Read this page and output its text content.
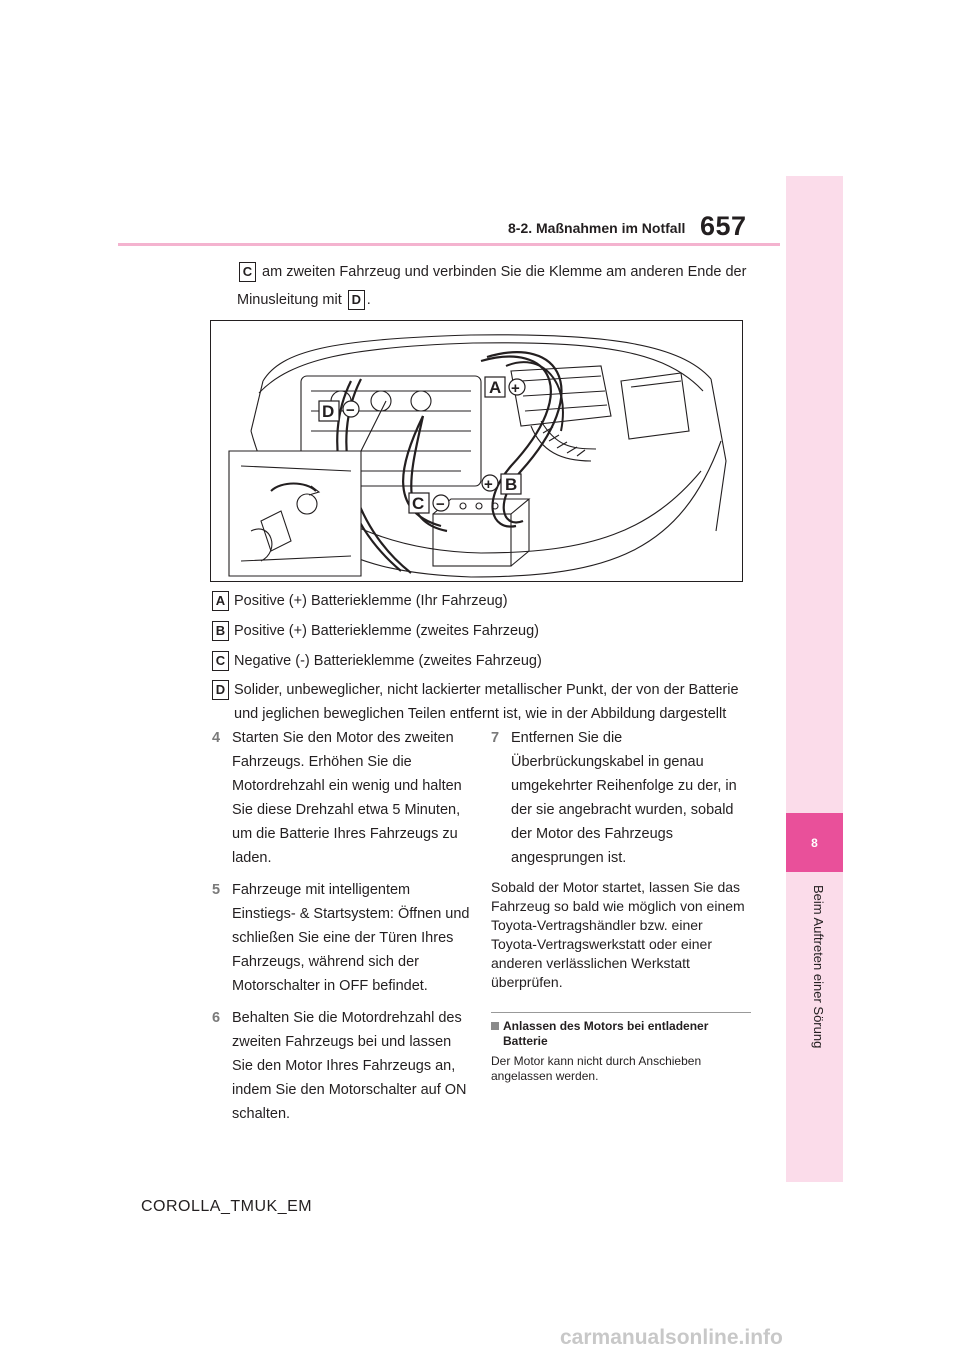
657
8-2. Maßnahmen im Notfall
8
Beim Auftreten einer Sörung
C am zweiten Fahrzeug und verbinden Sie die Klemme am anderen Ende der
Minusleitung mit D .
A +
D −
B
+
C −
A Positive (+) Batterieklemme (Ihr Fahrzeug)
B Positive (+) Batterieklemme (zweites Fahrzeug)
C Negative (-) Batterieklemme (zweites Fahrzeug)
D Solider, unbeweglicher, nicht lackierter metallischer Punkt, der von der Batterie und jeglichen beweglichen Teilen entfernt ist, wie in der Abbildung dargestellt
4 Starten Sie den Motor des zweiten Fahrzeugs. Erhöhen Sie die Motordrehzahl ein wenig und halten Sie diese Drehzahl etwa 5 Minuten, um die Batterie Ihres Fahrzeugs zu laden.
5 Fahrzeuge mit intelligentem Einstiegs- & Startsystem: Öffnen und schließen Sie eine der Türen Ihres Fahrzeugs, während sich der Motorschalter in OFF befindet.
6 Behalten Sie die Motordrehzahl des zweiten Fahrzeugs bei und lassen Sie den Motor Ihres Fahrzeugs an, indem Sie den Motorschalter auf ON schalten.
7 Entfernen Sie die Überbrückungskabel in genau umgekehrter Reihenfolge zu der, in der sie angebracht wurden, sobald der Motor des Fahrzeugs angesprungen ist.
Sobald der Motor startet, lassen Sie das Fahrzeug so bald wie möglich von einem Toyota-Vertragshändler bzw. einer Toyota-Vertragswerkstatt oder einer anderen verlässlichen Werkstatt überprüfen.
Anlassen des Motors bei entladener Batterie
Der Motor kann nicht durch Anschieben angelassen werden.
COROLLA_TMUK_EM
carmanualsonline.info
